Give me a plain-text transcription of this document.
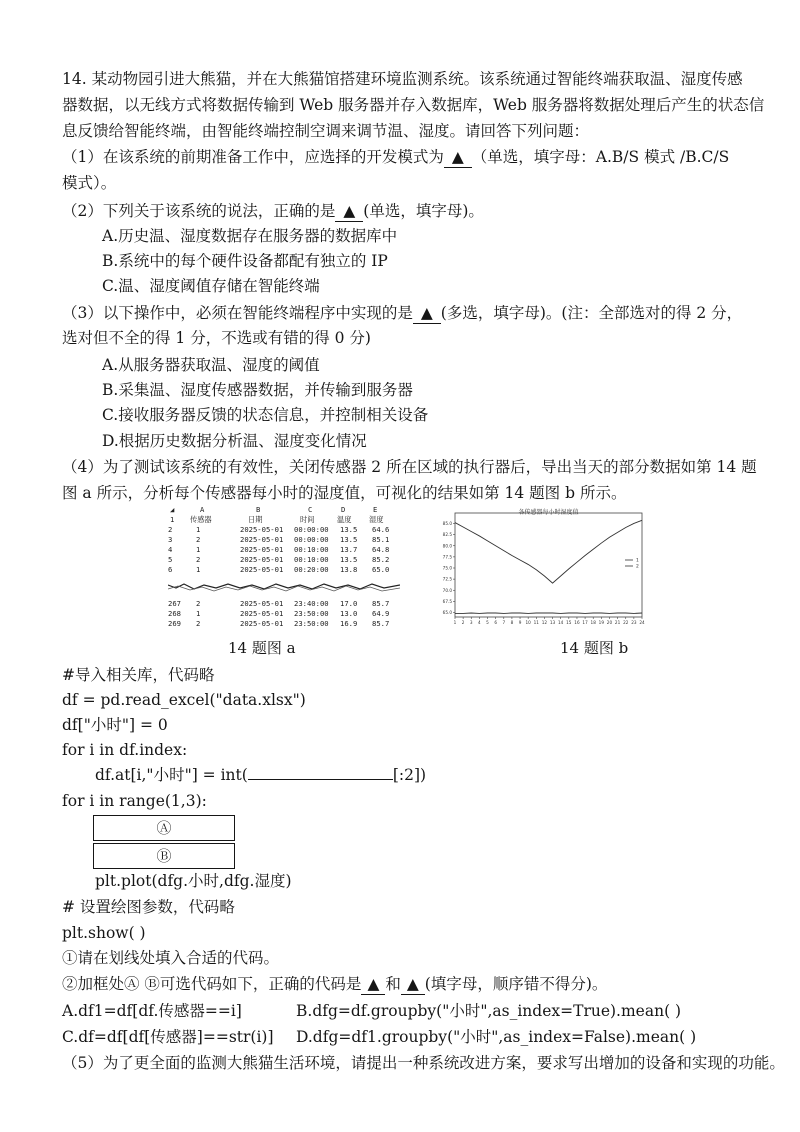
14. 某动物园引进大熊猫，并在大熊猫馆搭建环境监测系统。该系统通过智能终端获取温、湿度传感
器数据，以无线方式将数据传输到 Web 服务器并存入数据库，Web 服务器将数据处理后产生的状态信
息反馈给智能终端，由智能终端控制空调来调节温、湿度。请回答下列问题：
（1）在该系统的前期准备工作中，应选择的开发模式为 ▲ （单选，填字母：A.B/S 模式 /B.C/S
模式）。
（2）下列关于该系统的说法，正确的是 ▲ (单选，填字母)。
A.历史温、湿度数据存在服务器的数据库中
B.系统中的每个硬件设备都配有独立的 IP
C.温、湿度阈值存储在智能终端
（3）以下操作中，必须在智能终端程序中实现的是 ▲ (多选，填字母)。(注：全部选对的得 2 分，
选对但不全的得 1 分，不选或有错的得 0 分)
A.从服务器获取温、湿度的阈值
B.采集温、湿度传感器数据，并传输到服务器
C.接收服务器反馈的状态信息，并控制相关设备
D.根据历史数据分析温、湿度变化情况
（4）为了测试该系统的有效性，关闭传感器 2 所在区域的执行器后，导出当天的部分数据如第 14 题
图 a 所示，分析每个传感器每小时的湿度值，可视化的结果如第 14 题图 b 所示。
◢	A	B	C	D	E
1 传感器	日期	时间	温度 湿度
2	1	2025-05-01 00:00:00 13.5 64.6
3	2	2025-05-01 00:00:00 13.5 85.1
4	1	2025-05-01 00:10:00 13.7 64.8
5	2	2025-05-01 00:10:00 13.5 85.2
6	1	2025-05-01 00:20:00 13.8 65.0
267 2	2025-05-01 23:40:00 17.0 85.7
268 1	2025-05-01 23:50:00 13.0 64.9
269 2	2025-05-01 23:50:00 16.9 85.7
14 题图 a
各传感器每小时湿度值
85.0
82.5
80.0
77.5
75.0
72.5
70.0
67.5
65.0
1 2 3 4 5 6 7 8 9 10 11 12 13 14 15 16 17 18 19 20 21 22 23 24
1
2
14 题图 b
#导入相关库，代码略
df = pd.read_excel("data.xlsx")
df["小时"] = 0
for i in df.index:
df.at[i,"小时"] = int(	[:2])
for i in range(1,3):
Ⓐ
Ⓑ
plt.plot(dfg.小时,dfg.湿度)
# 设置绘图参数，代码略
plt.show( )
①请在划线处填入合适的代码。
②加框处Ⓐ Ⓑ可选代码如下，正确的代码是 ▲ 和 ▲ (填字母，顺序错不得分)。
A.df1=df[df.传感器==i]	B.dfg=df.groupby("小时",as_index=True).mean( )
C.df=df[df[传感器]==str(i)]	D.dfg=df1.groupby("小时",as_index=False).mean( )
（5）为了更全面的监测大熊猫生活环境，请提出一种系统改进方案，要求写出增加的设备和实现的功能。
